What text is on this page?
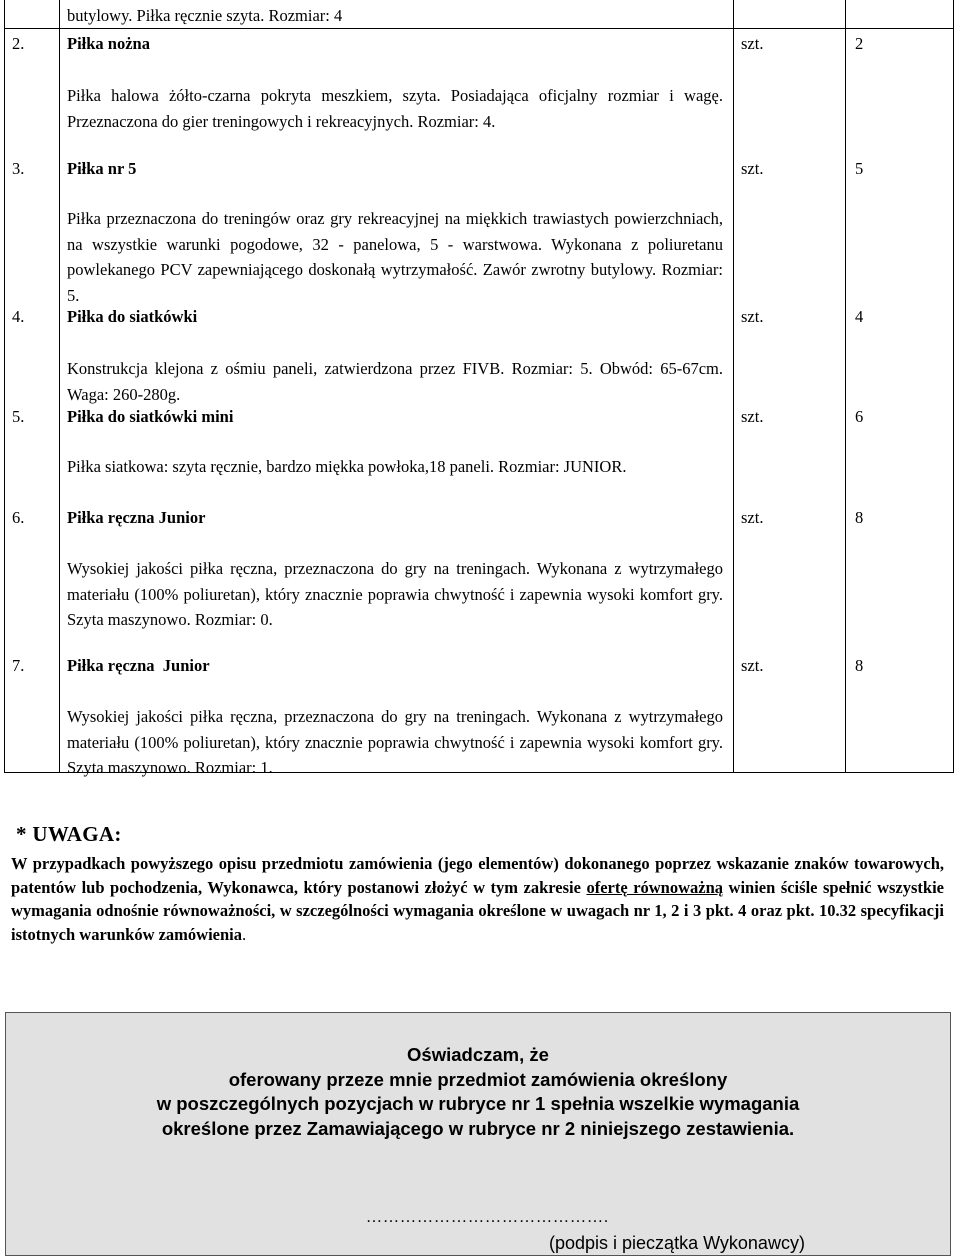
butylowy. Piłka ręcznie szyta. Rozmiar: 4
2.	Piłka nożna	szt.	2
Piłka halowa żółto-czarna pokryta meszkiem, szyta. Posiadająca oficjalny rozmiar i wagę. Przeznaczona do gier treningowych i rekreacyjnych. Rozmiar: 4.
3.	Piłka nr 5	szt.	5
Piłka przeznaczona do treningów oraz gry rekreacyjnej na miękkich trawiastych powierzchniach, na wszystkie warunki pogodowe, 32 - panelowa, 5 - warstwowa. Wykonana z poliuretanu powlekanego PCV zapewniającego doskonałą wytrzymałość. Zawór zwrotny butylowy. Rozmiar: 5.
4.	Piłka do siatkówki	szt.	4
Konstrukcja klejona z ośmiu paneli, zatwierdzona przez FIVB. Rozmiar: 5. Obwód: 65-67cm. Waga: 260-280g.
5.	Piłka do siatkówki mini	szt.	6
Piłka siatkowa: szyta ręcznie, bardzo miękka powłoka,18 paneli. Rozmiar: JUNIOR.
6.	Piłka ręczna Junior	szt.	8
Wysokiej jakości piłka ręczna, przeznaczona do gry na treningach. Wykonana z wytrzymałego materiału (100% poliuretan), który znacznie poprawia chwytność i zapewnia wysoki komfort gry. Szyta maszynowo. Rozmiar: 0.
7.	Piłka ręczna  Junior	szt.	8
Wysokiej jakości piłka ręczna, przeznaczona do gry na treningach. Wykonana z wytrzymałego materiału (100% poliuretan), który znacznie poprawia chwytność i zapewnia wysoki komfort gry. Szyta maszynowo. Rozmiar: 1.
* UWAGA:
W przypadkach powyższego opisu przedmiotu zamówienia (jego elementów) dokonanego poprzez wskazanie znaków towarowych, patentów lub pochodzenia, Wykonawca, który postanowi złożyć w tym zakresie ofertę równoważną winien ściśle spełnić wszystkie wymagania odnośnie równoważności, w szczególności wymagania określone w uwagach nr 1, 2 i 3 pkt. 4 oraz pkt. 10.32 specyfikacji istotnych warunków zamówienia.
Oświadczam, że
oferowany przeze mnie przedmiot zamówienia określony
w poszczególnych pozycjach w rubryce nr 1 spełnia wszelkie wymagania
określone przez Zamawiającego w rubryce nr 2 niniejszego zestawienia.
…………………………………….
(podpis i pieczątka Wykonawcy)
